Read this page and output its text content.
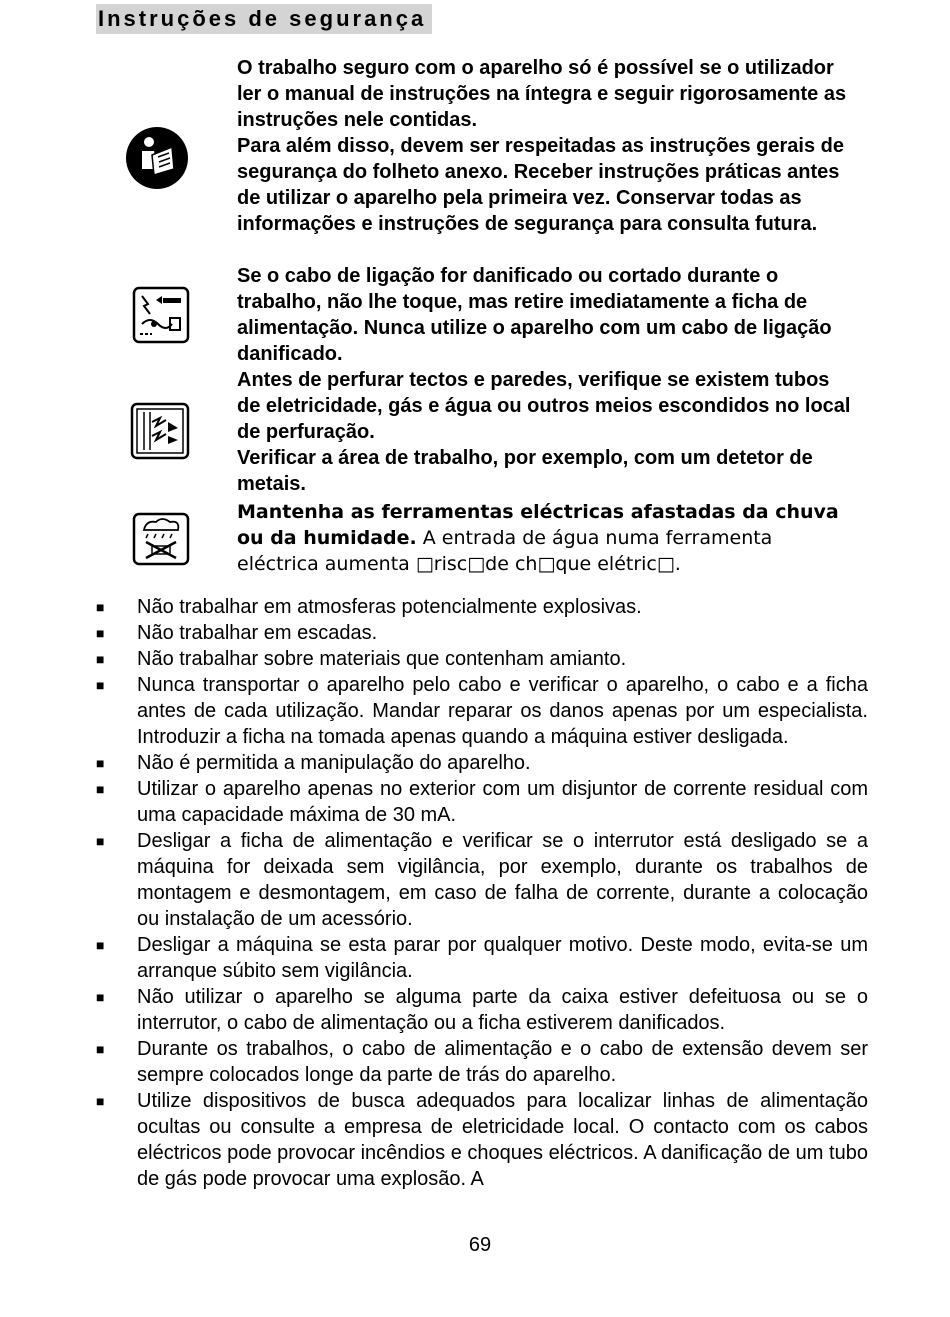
Instruções de segurança

O trabalho seguro com o aparelho só é possível se o utilizador ler o manual de instruções na íntegra e seguir rigorosamente as instruções nele contidas.

Para além disso, devem ser respeitadas as instruções gerais de segurança do folheto anexo. Receber instruções práticas antes de utilizar o aparelho pela primeira vez. Conservar todas as informações e instruções de segurança para consulta futura.

Se o cabo de ligação for danificado ou cortado durante o trabalho, não lhe toque, mas retire imediatamente a ficha de alimentação. Nunca utilize o aparelho com um cabo de ligação danificado.

Antes de perfurar tectos e paredes, verifique se existem tubos de eletricidade, gás e água ou outros meios escondidos no local de perfuração.

Verificar a área de trabalho, por exemplo, com um detetor de metais.

Mantenha as ferramentas eléctricas afastadas da chuva ou da humidade. A entrada de água numa ferramenta eléctrica aumenta □risc□de ch□que elétric□.

■ Não trabalhar em atmosferas potencialmente explosivas.
■ Não trabalhar em escadas.
■ Não trabalhar sobre materiais que contenham amianto.
■ Nunca transportar o aparelho pelo cabo e verificar o aparelho, o cabo e a ficha antes de cada utilização. Mandar reparar os danos apenas por um especialista. Introduzir a ficha na tomada apenas quando a máquina estiver desligada.
■ Não é permitida a manipulação do aparelho.
■ Utilizar o aparelho apenas no exterior com um disjuntor de corrente residual com uma capacidade máxima de 30 mA.
■ Desligar a ficha de alimentação e verificar se o interrutor está desligado se a máquina for deixada sem vigilância, por exemplo, durante os trabalhos de montagem e desmontagem, em caso de falha de corrente, durante a colocação ou instalação de um acessório.
■ Desligar a máquina se esta parar por qualquer motivo. Deste modo, evita-se um arranque súbito sem vigilância.
■ Não utilizar o aparelho se alguma parte da caixa estiver defeituosa ou se o interrutor, o cabo de alimentação ou a ficha estiverem danificados.
■ Durante os trabalhos, o cabo de alimentação e o cabo de extensão devem ser sempre colocados longe da parte de trás do aparelho.
■ Utilize dispositivos de busca adequados para localizar linhas de alimentação ocultas ou consulte a empresa de eletricidade local. O contacto com os cabos eléctricos pode provocar incêndios e choques eléctricos. A danificação de um tubo de gás pode provocar uma explosão. A
69
